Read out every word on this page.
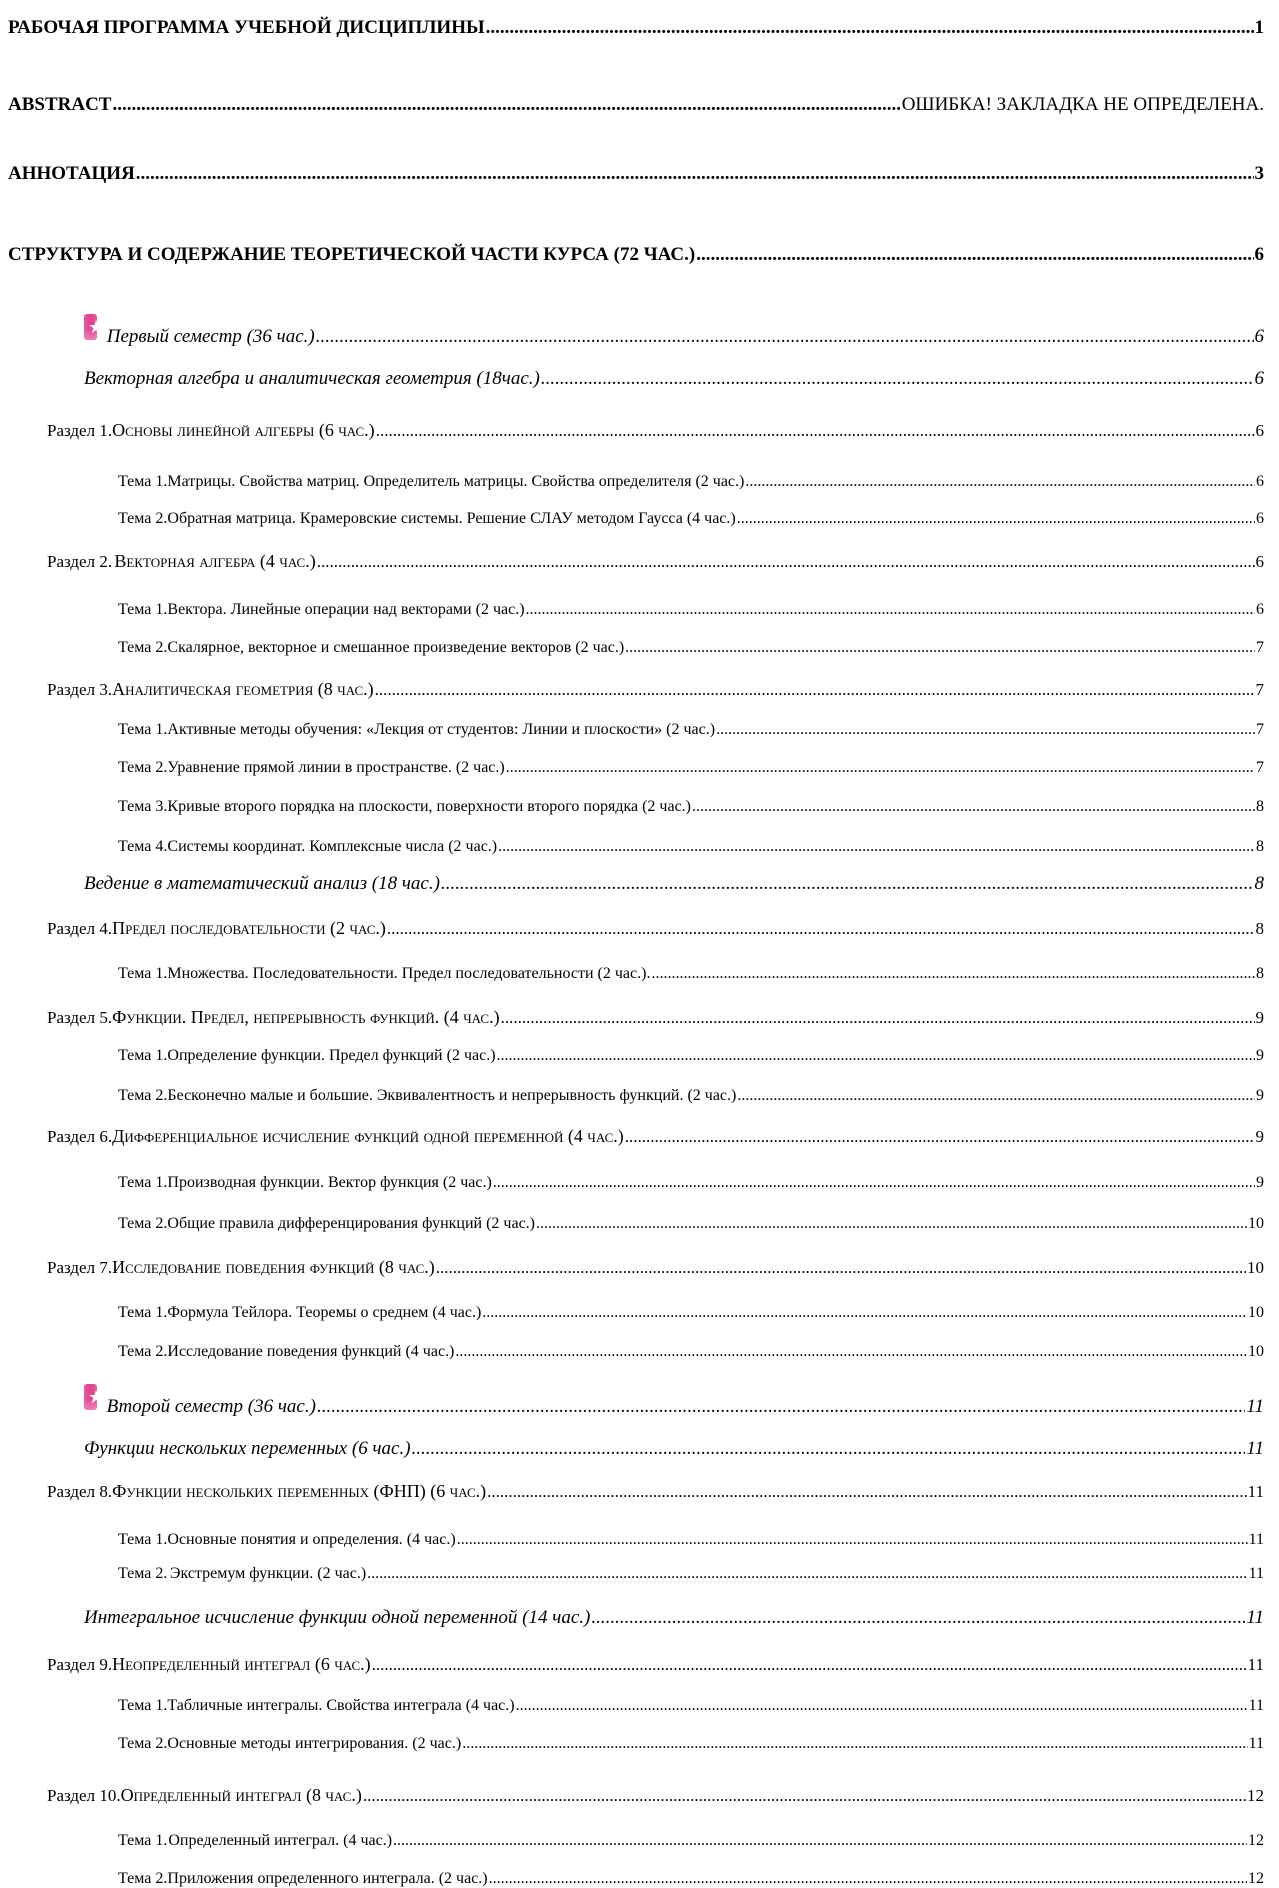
РАБОЧАЯ ПРОГРАММА УЧЕБНОЙ ДИСЦИПЛИНЫ .....	1
ABSTRACT .....	ОШИБКА! ЗАКЛАДКА НЕ ОПРЕДЕЛЕНА.
АННОТАЦИЯ .....	3
СТРУКТУРА И СОДЕРЖАНИЕ ТЕОРЕТИЧЕСКОЙ ЧАСТИ КУРСА (72 ЧАС.) .....	6
★
Первый семестр (36 час.) .....	6
Векторная алгебра и аналитическая геометрия (18час.) .....	6
Раздел 1. Основы линейной алгебры (6 час.) .....	6
Тема 1. Матрицы. Свойства матриц. Определитель матрицы. Свойства определителя (2 час.) .....	6
Тема 2. Обратная матрица. Крамеровские системы. Решение СЛАУ методом Гаусса (4 час.) .....	6
Раздел 2. Векторная алгебра (4 час.) .....	6
Тема 1. Вектора. Линейные операции над векторами (2 час.) .....	6
Тема 2. Скалярное, векторное и смешанное произведение векторов (2 час.) .....	7
Раздел 3. Аналитическая геометрия (8 час.) .....	7
Тема 1. Активные методы обучения: «Лекция от студентов: Линии и плоскости» (2 час.) .....	7
Тема 2. Уравнение прямой линии в пространстве. (2 час.) .....	7
Тема 3. Кривые второго порядка на плоскости, поверхности второго порядка (2 час.) .....	8
Тема 4. Системы координат. Комплексные числа (2 час.) .....	8
Ведение в математический анализ (18 час.) .....	8
Раздел 4. Предел последовательности (2 час.) .....	8
Тема 1. Множества. Последовательности. Предел последовательности (2 час.). .....	8
Раздел 5. Функции. Предел, непрерывность функций. (4 час.) .....	9
Тема 1. Определение функции. Предел функций (2 час.) .....	9
Тема 2. Бесконечно малые и большие. Эквивалентность и непрерывность функций. (2 час.) .....	9
Раздел 6. Дифференциальное исчисление функций одной переменной (4 час.) .....	9
Тема 1. Производная функции. Вектор функция (2 час.) .....	9
Тема 2. Общие правила дифференцирования функций (2 час.) .....	10
Раздел 7. Исследование поведения функций (8 час.) .....	10
Тема 1. Формула Тейлора. Теоремы о среднем (4 час.) .....	10
Тема 2. Исследование поведения функций (4 час.) .....	10
★
Второй семестр (36 час.) .....	11
Функции нескольких переменных (6 час.) .....	11
Раздел 8. Функции нескольких переменных (ФНП) (6 час.) .....	11
Тема 1. Основные понятия и определения. (4 час.) .....	11
Тема 2. Экстремум функции. (2 час.) .....	11
Интегральное исчисление функции одной переменной (14 час.) .....	11
Раздел 9. Неопределенный интеграл (6 час.) .....	11
Тема 1. Табличные интегралы. Свойства интеграла (4 час.) .....	11
Тема 2. Основные методы интегрирования. (2 час.) .....	11
Раздел 10. Определенный интеграл (8 час.) .....	12
Тема 1. Определенный интеграл. (4 час.) .....	12
Тема 2. Приложения определенного интеграла. (2 час.) .....	12
